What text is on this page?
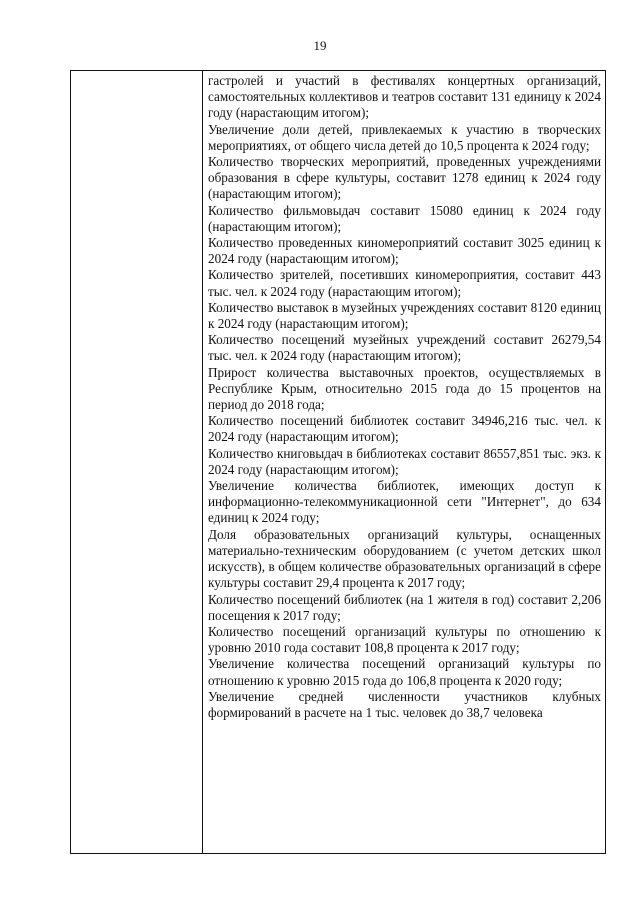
19
гастролей и участий в фестивалях концертных организаций, самостоятельных коллективов и театров составит 131 единицу к 2024 году (нарастающим итогом);
Увеличение доли детей, привлекаемых к участию в творческих мероприятиях, от общего числа детей до 10,5 процента к 2024 году;
Количество творческих мероприятий, проведенных учреждениями образования в сфере культуры, составит 1278 единиц к 2024 году (нарастающим итогом);
Количество фильмовыдач составит 15080 единиц к 2024 году (нарастающим итогом);
Количество проведенных киномероприятий составит 3025 единиц к 2024 году (нарастающим итогом);
Количество зрителей, посетивших киномероприятия, составит 443 тыс. чел. к 2024 году (нарастающим итогом);
Количество выставок в музейных учреждениях составит 8120 единиц к 2024 году (нарастающим итогом);
Количество посещений музейных учреждений составит 26279,54 тыс. чел. к 2024 году (нарастающим итогом);
Прирост количества выставочных проектов, осуществляемых в Республике Крым, относительно 2015 года до 15 процентов на период до 2018 года;
Количество посещений библиотек составит 34946,216 тыс. чел. к 2024 году (нарастающим итогом);
Количество книговыдач в библиотеках составит 86557,851 тыс. экз. к 2024 году (нарастающим итогом);
Увеличение количества библиотек, имеющих доступ к информационно-телекоммуникационной сети "Интернет", до 634 единиц к 2024 году;
Доля образовательных организаций культуры, оснащенных материально-техническим оборудованием (с учетом детских школ искусств), в общем количестве образовательных организаций в сфере культуры составит 29,4 процента к 2017 году;
Количество посещений библиотек (на 1 жителя в год) составит 2,206 посещения к 2017 году;
Количество посещений организаций культуры по отношению к уровню 2010 года составит 108,8 процента к 2017 году;
Увеличение количества посещений организаций культуры по отношению к уровню 2015 года до 106,8 процента к 2020 году;
Увеличение средней численности участников клубных формирований в расчете на 1 тыс. человек до 38,7 человека
